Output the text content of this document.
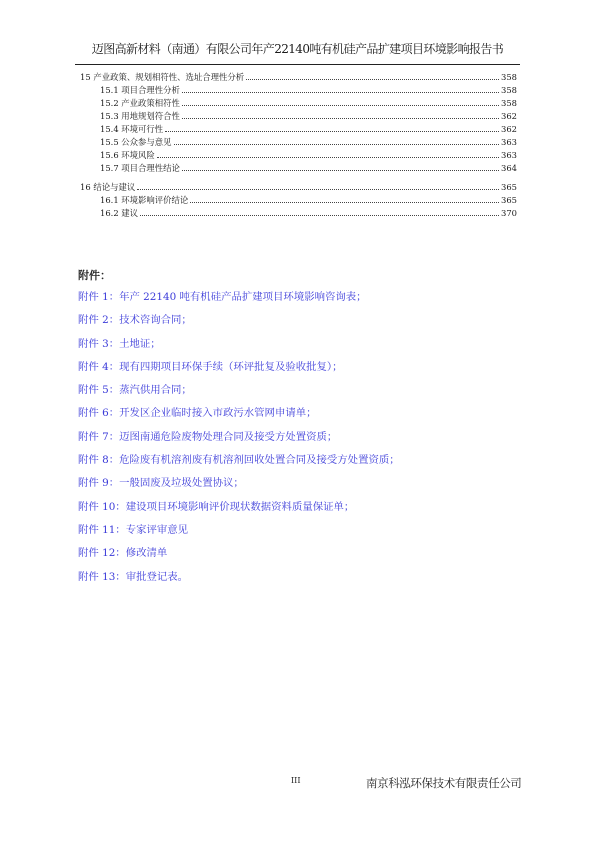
迈图高新材料（南通）有限公司年产22140吨有机硅产品扩建项目环境影响报告书
15 产业政策、规划相符性、选址合理性分析	358
15.1 项目合理性分析	358
15.2 产业政策相符性	358
15.3 用地规划符合性	362
15.4 环境可行性	362
15.5 公众参与意见	363
15.6 环境风险	363
15.7 项目合理性结论	364
16 结论与建议	365
16.1 环境影响评价结论	365
16.2 建议	370
附件：
附件 1：年产 22140 吨有机硅产品扩建项目环境影响咨询表；
附件 2：技术咨询合同；
附件 3：土地证；
附件 4：现有四期项目环保手续（环评批复及验收批复）；
附件 5：蒸汽供用合同；
附件 6：开发区企业临时接入市政污水管网申请单；
附件 7：迈图南通危险废物处理合同及接受方处置资质；
附件 8：危险废有机溶剂废有机溶剂回收处置合同及接受方处置资质；
附件 9：一般固废及垃圾处置协议；
附件 10：建设项目环境影响评价现状数据资料质量保证单；
附件 11：专家评审意见
附件 12：修改清单
附件 13：审批登记表。
III	南京科泓环保技术有限责任公司
